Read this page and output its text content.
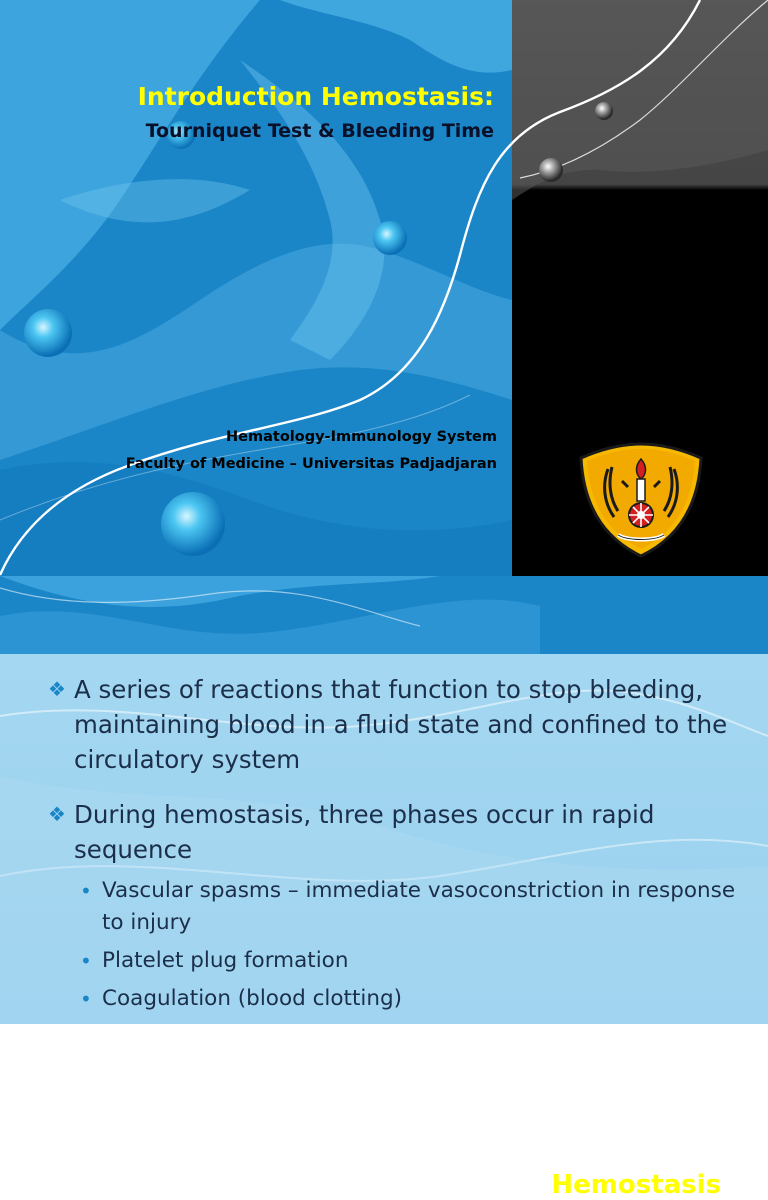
Introduction Hemostasis:
Tourniquet Test & Bleeding Time

Hematology-Immunology System

Faculty of Medicine – Universitas Padjadjaran

Hemostasis
❖ A series of reactions that function to stop bleeding, maintaining blood in a fluid state and confined to the circulatory system
❖ During hemostasis, three phases occur in rapid sequence
• Vascular spasms – immediate vasoconstriction in response to injury
• Platelet plug formation
• Coagulation (blood clotting)
